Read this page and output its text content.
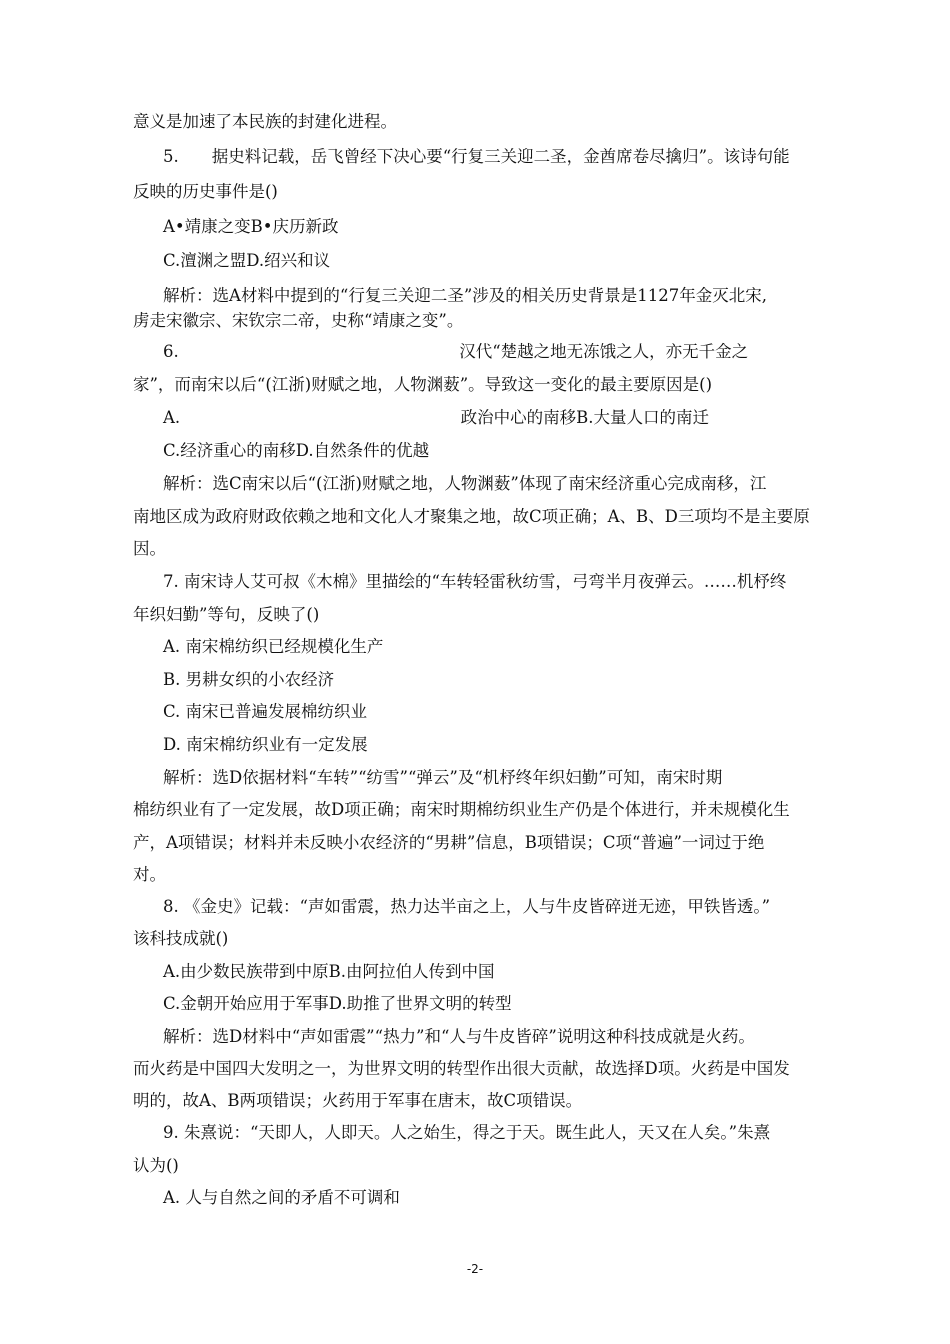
意义是加速了本民族的封建化进程。
5.　　据史料记载，岳飞曾经下决心要“行复三关迎二圣，金酋席卷尽擒归”。该诗句能
反映的历史事件是()
A•靖康之变B•庆历新政
C.澶渊之盟D.绍兴和议
解析：选A材料中提到的“行复三关迎二圣”涉及的相关历史背景是1127年金灭北宋,
虏走宋徽宗、宋钦宗二帝，史称“靖康之变”。
6.　　　　　　　　　　　　　　　　　汉代“楚越之地无冻饿之人，亦无千金之
家”，而南宋以后“(江浙)财赋之地，人物渊薮”。导致这一变化的最主要原因是()
A.　　　　　　　　　　　　　　　　　政治中心的南移B.大量人口的南迁
C.经济重心的南移D.自然条件的优越
解析：选C南宋以后“(江浙)财赋之地，人物渊薮”体现了南宋经济重心完成南移，江
南地区成为政府财政依赖之地和文化人才聚集之地，故C项正确；A、B、D三项均不是主要原
因。
7. 南宋诗人艾可叔《木棉》里描绘的“车转轻雷秋纺雪，弓弯半月夜弹云。……机杼终
年织妇勤”等句，反映了()
A. 南宋棉纺织已经规模化生产
B. 男耕女织的小农经济
C. 南宋已普遍发展棉纺织业
D. 南宋棉纺织业有一定发展
解析：选D依据材料“车转”“纺雪”“弹云”及“机杼终年织妇勤”可知，南宋时期
棉纺织业有了一定发展，故D项正确；南宋时期棉纺织业生产仍是个体进行，并未规模化生
产，A项错误；材料并未反映小农经济的“男耕”信息，B项错误；C项“普遍”一词过于绝
对。
8. 《金史》记载：“声如雷震，热力达半亩之上，人与牛皮皆碎迸无迹，甲铁皆透。”
该科技成就()
A.由少数民族带到中原B.由阿拉伯人传到中国
C.金朝开始应用于军事D.助推了世界文明的转型
解析：选D材料中“声如雷震”“热力”和“人与牛皮皆碎”说明这种科技成就是火药。
而火药是中国四大发明之一，为世界文明的转型作出很大贡献，故选择D项。火药是中国发
明的，故A、B两项错误；火药用于军事在唐末，故C项错误。
9. 朱熹说：“天即人，人即天。人之始生，得之于天。既生此人，天又在人矣。”朱熹
认为()
A. 人与自然之间的矛盾不可调和
-2-
